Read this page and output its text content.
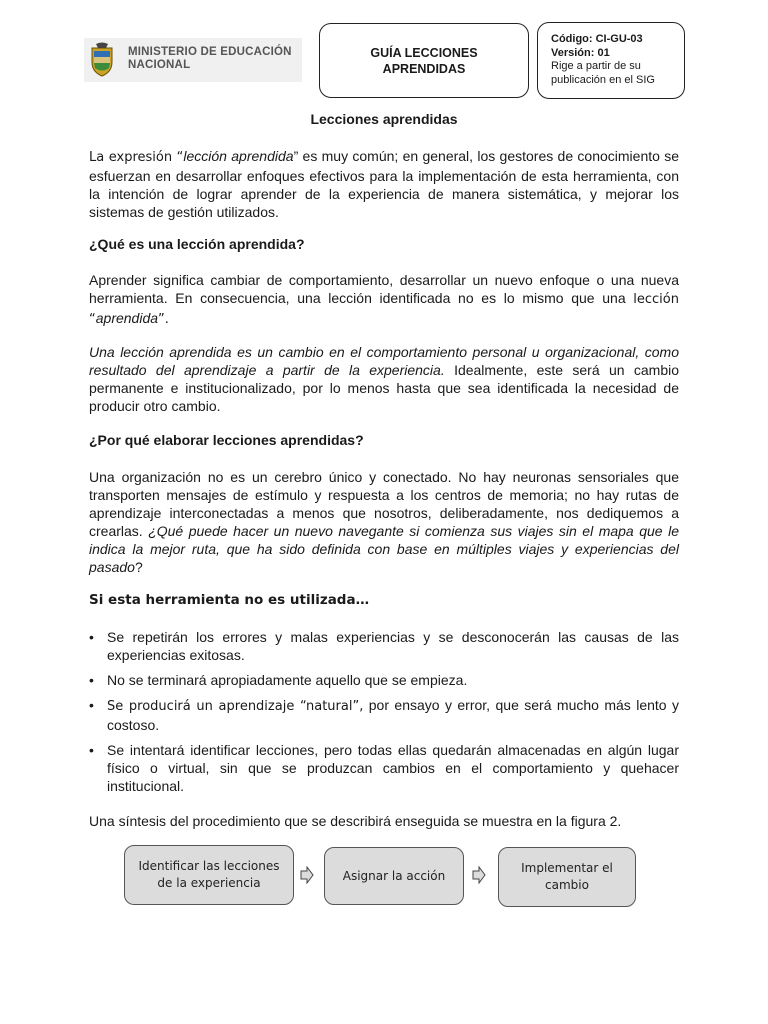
MINISTERIO DE EDUCACIÓN
NACIONAL
GUÍA LECCIONES
APRENDIDAS
Código: CI-GU-03
Versión: 01
Rige a partir de su
publicación en el SIG
Lecciones aprendidas
La expresión “lección aprendida” es muy común; en general, los gestores de conocimiento se esfuerzan en desarrollar enfoques efectivos para la implementación de esta herramienta, con la intención de lograr aprender de la experiencia de manera sistemática, y mejorar los sistemas de gestión utilizados.
¿Qué es una lección aprendida?
Aprender significa cambiar de comportamiento, desarrollar un nuevo enfoque o una nueva herramienta. En consecuencia, una lección identificada no es lo mismo que una lección “aprendida”.
Una lección aprendida es un cambio en el comportamiento personal u organizacional, como resultado del aprendizaje a partir de la experiencia. Idealmente, este será un cambio permanente e institucionalizado, por lo menos hasta que sea identificada la necesidad de producir otro cambio.
¿Por qué elaborar lecciones aprendidas?
Una organización no es un cerebro único y conectado. No hay neuronas sensoriales que transporten mensajes de estímulo y respuesta a los centros de memoria; no hay rutas de aprendizaje interconectadas a menos que nosotros, deliberadamente, nos dediquemos a crearlas. ¿Qué puede hacer un nuevo navegante si comienza sus viajes sin el mapa que le indica la mejor ruta, que ha sido definida con base en múltiples viajes y experiencias del pasado?
Si esta herramienta no es utilizada…
• Se repetirán los errores y malas experiencias y se desconocerán las causas de las experiencias exitosas.
• No se terminará apropiadamente aquello que se empieza.
• Se producirá un aprendizaje “natural”, por ensayo y error, que será mucho más lento y costoso.
• Se intentará identificar lecciones, pero todas ellas quedarán almacenadas en algún lugar físico o virtual, sin que se produzcan cambios en el comportamiento y quehacer institucional.
Una síntesis del procedimiento que se describirá enseguida se muestra en la figura 2.
Identificar las lecciones
de la experiencia
Asignar la acción
Implementar el
cambio
